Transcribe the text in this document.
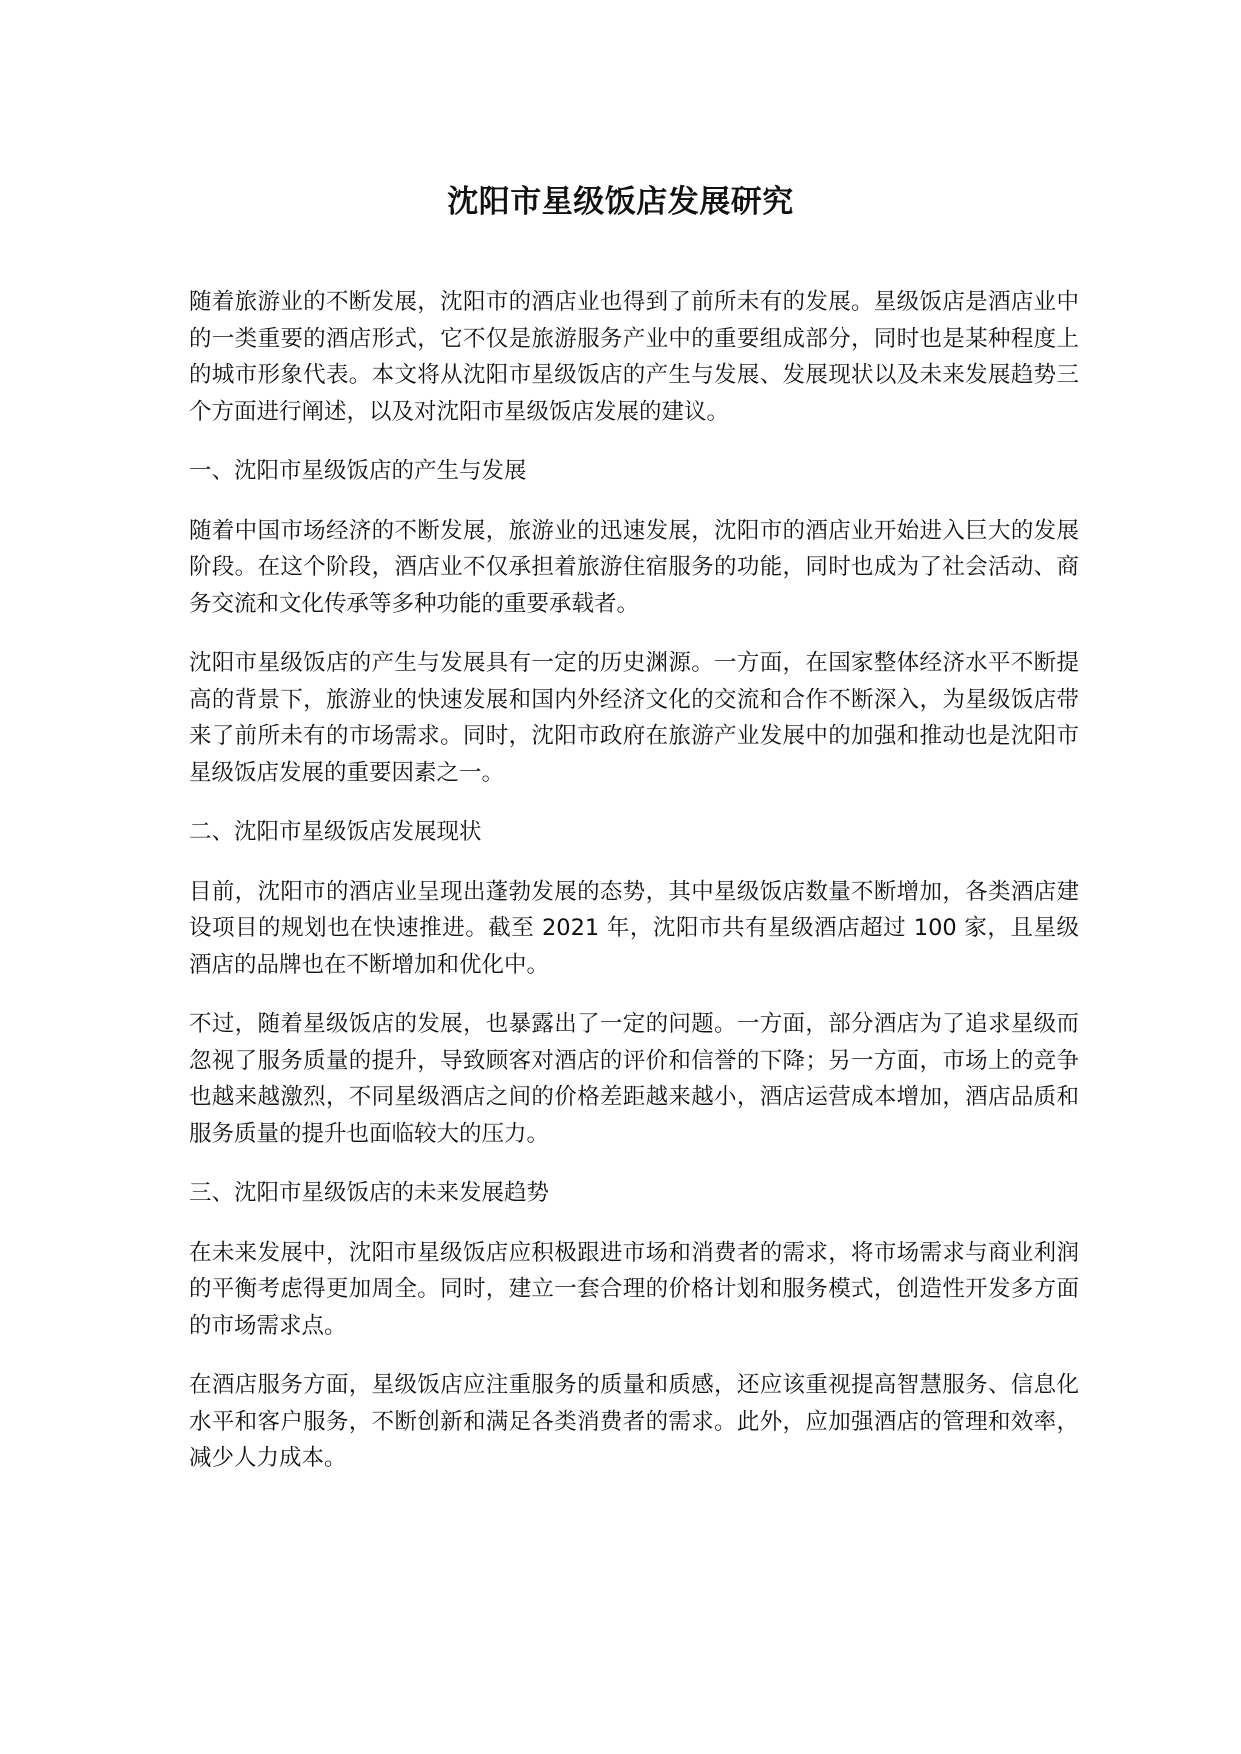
沈阳市星级饭店发展研究

随着旅游业的不断发展，沈阳市的酒店业也得到了前所未有的发展。星级饭店是酒店业中的一类重要的酒店形式，它不仅是旅游服务产业中的重要组成部分，同时也是某种程度上的城市形象代表。本文将从沈阳市星级饭店的产生与发展、发展现状以及未来发展趋势三个方面进行阐述，以及对沈阳市星级饭店发展的建议。

一、沈阳市星级饭店的产生与发展

随着中国市场经济的不断发展，旅游业的迅速发展，沈阳市的酒店业开始进入巨大的发展阶段。在这个阶段，酒店业不仅承担着旅游住宿服务的功能，同时也成为了社会活动、商务交流和文化传承等多种功能的重要承载者。

沈阳市星级饭店的产生与发展具有一定的历史渊源。一方面，在国家整体经济水平不断提高的背景下，旅游业的快速发展和国内外经济文化的交流和合作不断深入，为星级饭店带来了前所未有的市场需求。同时，沈阳市政府在旅游产业发展中的加强和推动也是沈阳市星级饭店发展的重要因素之一。

二、沈阳市星级饭店发展现状

目前，沈阳市的酒店业呈现出蓬勃发展的态势，其中星级饭店数量不断增加，各类酒店建设项目的规划也在快速推进。截至 2021 年，沈阳市共有星级酒店超过 100 家，且星级酒店的品牌也在不断增加和优化中。

不过，随着星级饭店的发展，也暴露出了一定的问题。一方面，部分酒店为了追求星级而忽视了服务质量的提升，导致顾客对酒店的评价和信誉的下降；另一方面，市场上的竞争也越来越激烈，不同星级酒店之间的价格差距越来越小，酒店运营成本增加，酒店品质和服务质量的提升也面临较大的压力。

三、沈阳市星级饭店的未来发展趋势

在未来发展中，沈阳市星级饭店应积极跟进市场和消费者的需求，将市场需求与商业利润的平衡考虑得更加周全。同时，建立一套合理的价格计划和服务模式，创造性开发多方面的市场需求点。

在酒店服务方面，星级饭店应注重服务的质量和质感，还应该重视提高智慧服务、信息化水平和客户服务，不断创新和满足各类消费者的需求。此外，应加强酒店的管理和效率，减少人力成本。
